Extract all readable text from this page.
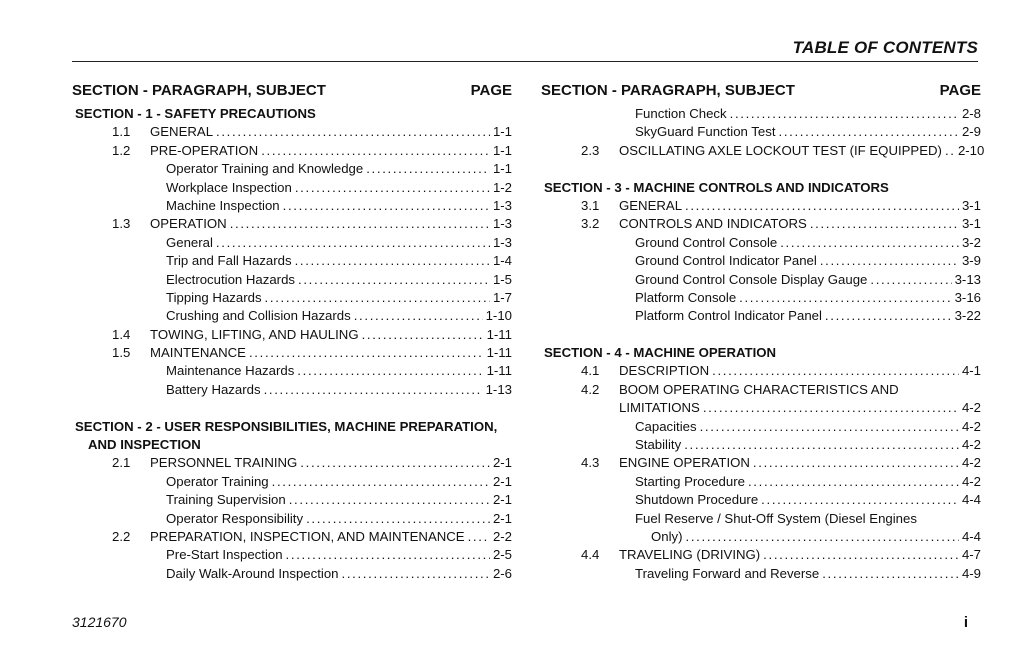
TABLE OF CONTENTS
SECTION - PARAGRAPH, SUBJECT	PAGE
SECTION - 1 - SAFETY PRECAUTIONS
1.1 GENERAL . . .	1-1
1.2 PRE-OPERATION . . .	1-1
Operator Training and Knowledge . . .	1-1
Workplace Inspection . . .	1-2
Machine Inspection . . .	1-3
1.3 OPERATION . . .	1-3
General . . .	1-3
Trip and Fall Hazards . . .	1-4
Electrocution Hazards . . .	1-5
Tipping Hazards . . .	1-7
Crushing and Collision Hazards . . .	1-10
1.4 TOWING, LIFTING, AND HAULING . . .	1-11
1.5 MAINTENANCE . . .	1-11
Maintenance Hazards . . .	1-11
Battery Hazards . . .	1-13
SECTION - 2 - USER RESPONSIBILITIES, MACHINE PREPARATION,
AND INSPECTION
2.1 PERSONNEL TRAINING . . .	2-1
Operator Training . . .	2-1
Training Supervision . . .	2-1
Operator Responsibility . . .	2-1
2.2 PREPARATION, INSPECTION, AND MAINTENANCE . . . 2-2
Pre-Start Inspection . . .	2-5
Daily Walk-Around Inspection . . .	2-6
SECTION - PARAGRAPH, SUBJECT	PAGE
Function Check . . .	2-8
SkyGuard Function Test . . .	2-9
2.3 OSCILLATING AXLE LOCKOUT TEST (IF EQUIPPED) . . . 2-10
SECTION - 3 - MACHINE CONTROLS AND INDICATORS
3.1 GENERAL . . .	3-1
3.2 CONTROLS AND INDICATORS . . .	3-1
Ground Control Console . . .	3-2
Ground Control Indicator Panel . . .	3-9
Ground Control Console Display Gauge . . .	3-13
Platform Console . . .	3-16
Platform Control Indicator Panel . . .	3-22
SECTION - 4 - MACHINE OPERATION
4.1 DESCRIPTION . . .	4-1
4.2 BOOM OPERATING CHARACTERISTICS AND
LIMITATIONS . . .	4-2
Capacities . . .	4-2
Stability . . .	4-2
4.3 ENGINE OPERATION . . .	4-2
Starting Procedure . . .	4-2
Shutdown Procedure . . .	4-4
Fuel Reserve / Shut-Off System (Diesel Engines
Only) . . .	4-4
4.4 TRAVELING (DRIVING) . . .	4-7
Traveling Forward and Reverse . . .	4-9
3121670	i
